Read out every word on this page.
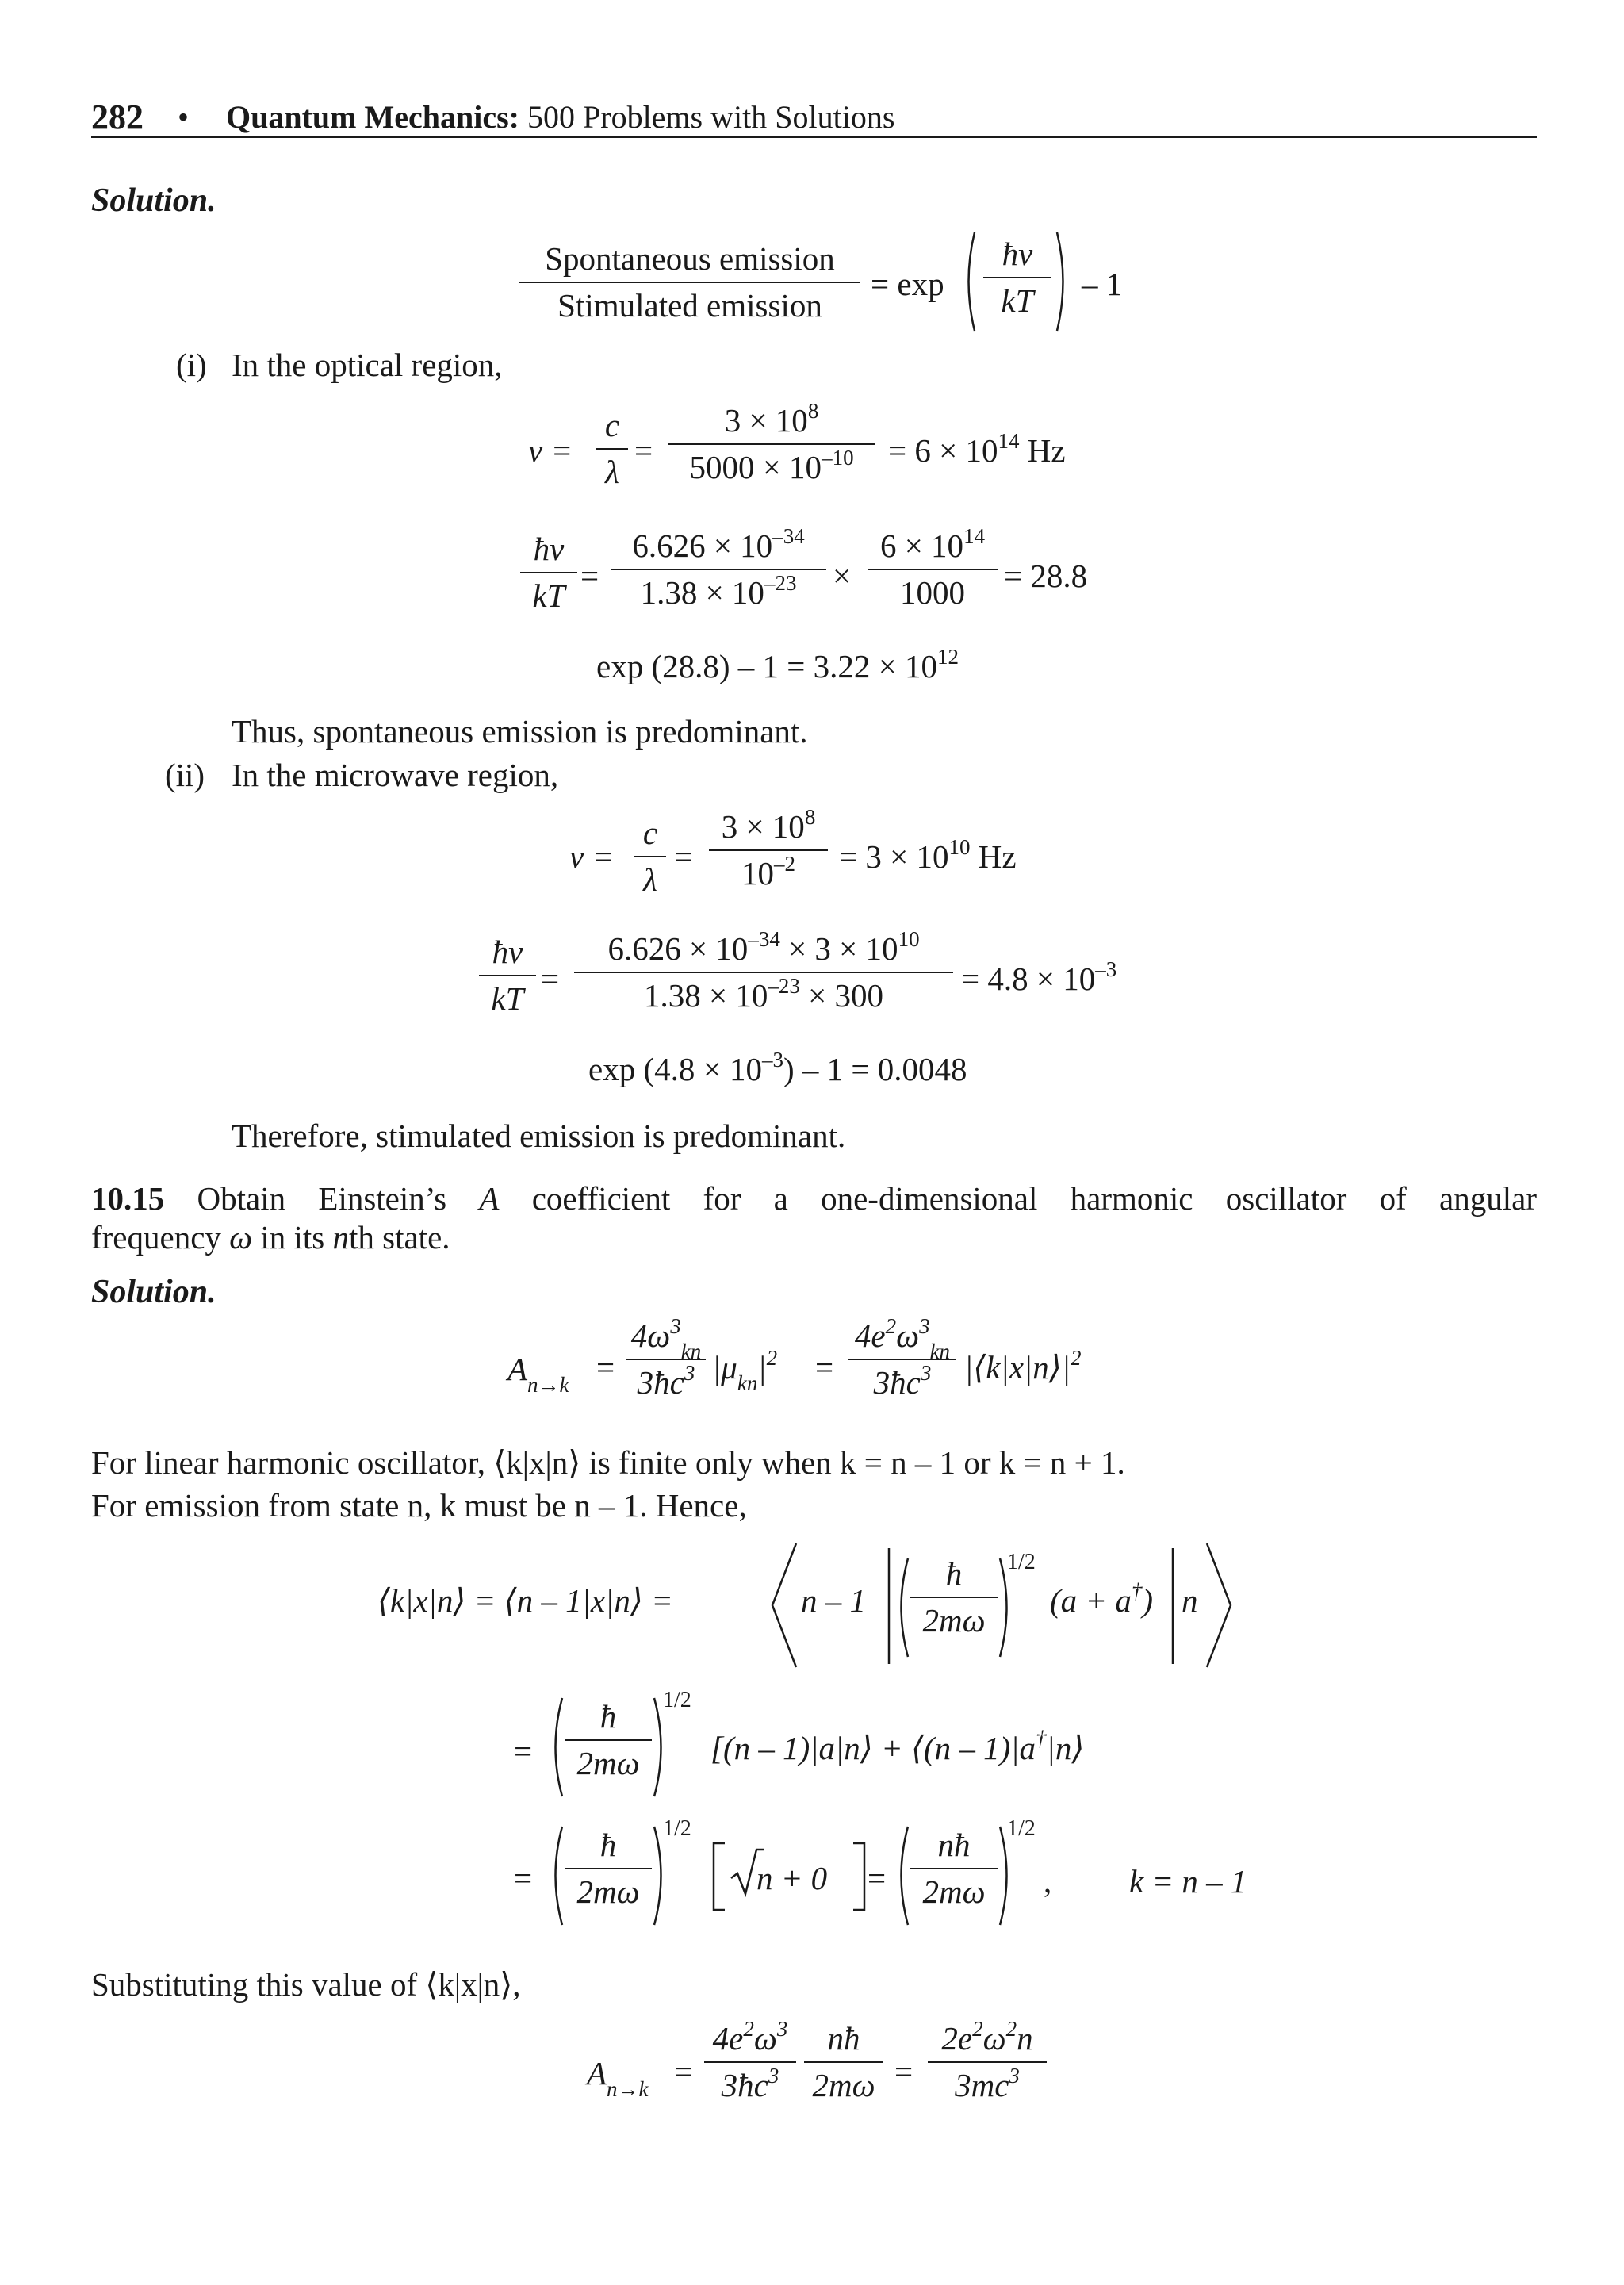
282 • Quantum Mechanics: 500 Problems with Solutions
Solution.
Spontaneous emission
Stimulated emission
= exp
ħν
kT – 1
(i) In the optical region,
ν =
c
λ
=
$3 \times 10^8$
$5000 \times 10^{-10} = 6 \times 10^{14}$ Hz
ħν
kT
=
$6.626 \times 10^{-34}$
$1.38 \times 10^{-23}$ ×
$6 \times 10^{14}$
1000 = 28.8
$\exp (28.8) - 1 = 3.22 \times 10^{12}$
Thus, spontaneous emission is predominant.
(ii) In the microwave region,
ν =
c
λ
=
$3 \times 10^8$
$10^{-2} = 3 \times 10^{10}$ Hz
ħν
kT
=
$6.626 \times 10^{-34} \times 3 \times 10^{10}$
$1.38 \times 10^{-23} \times 300 = 4.8 \times 10^{-3}$
$\exp (4.8 \times 10^{-3}) - 1 = 0.0048$
Therefore, stimulated emission is predominant.
10.15 Obtain Einstein’s A coefficient for a one-dimensional harmonic oscillator of angular
frequency ω in its nth state.
Solution.
$A_{n\to k}$ =
$4\omega^3_{kn}$
$3ħc^3$ $|\mu_{kn}|^2$ =
$4e^2\omega^3_{kn}$
$3ħc^3$ $|⟨k|x|n⟩|^2$
For linear harmonic oscillator, ⟨k|x|n⟩ is finite only when k = n – 1 or k = n + 1.
For emission from state n, k must be n – 1. Hence,
⟨k|x|n⟩ = ⟨n – 1|x|n⟩ =	n – 1
ħ
2mω
1/2
(a + a†) n
=
ħ
2mω
1/2
[(n – 1)|a|n⟩ + ⟨(n – 1)|a†|n⟩
=
ħ
2mω
1/2
n + 0 =
nħ
2mω
1/2
, k = n – 1
Substituting this value of ⟨k|x|n⟩,
$A_{n\to k}$ =
$4e^2\omega^3$
$3ħc^3$
nħ
2mω =
$2e^2\omega^2n$
$3mc^3$
